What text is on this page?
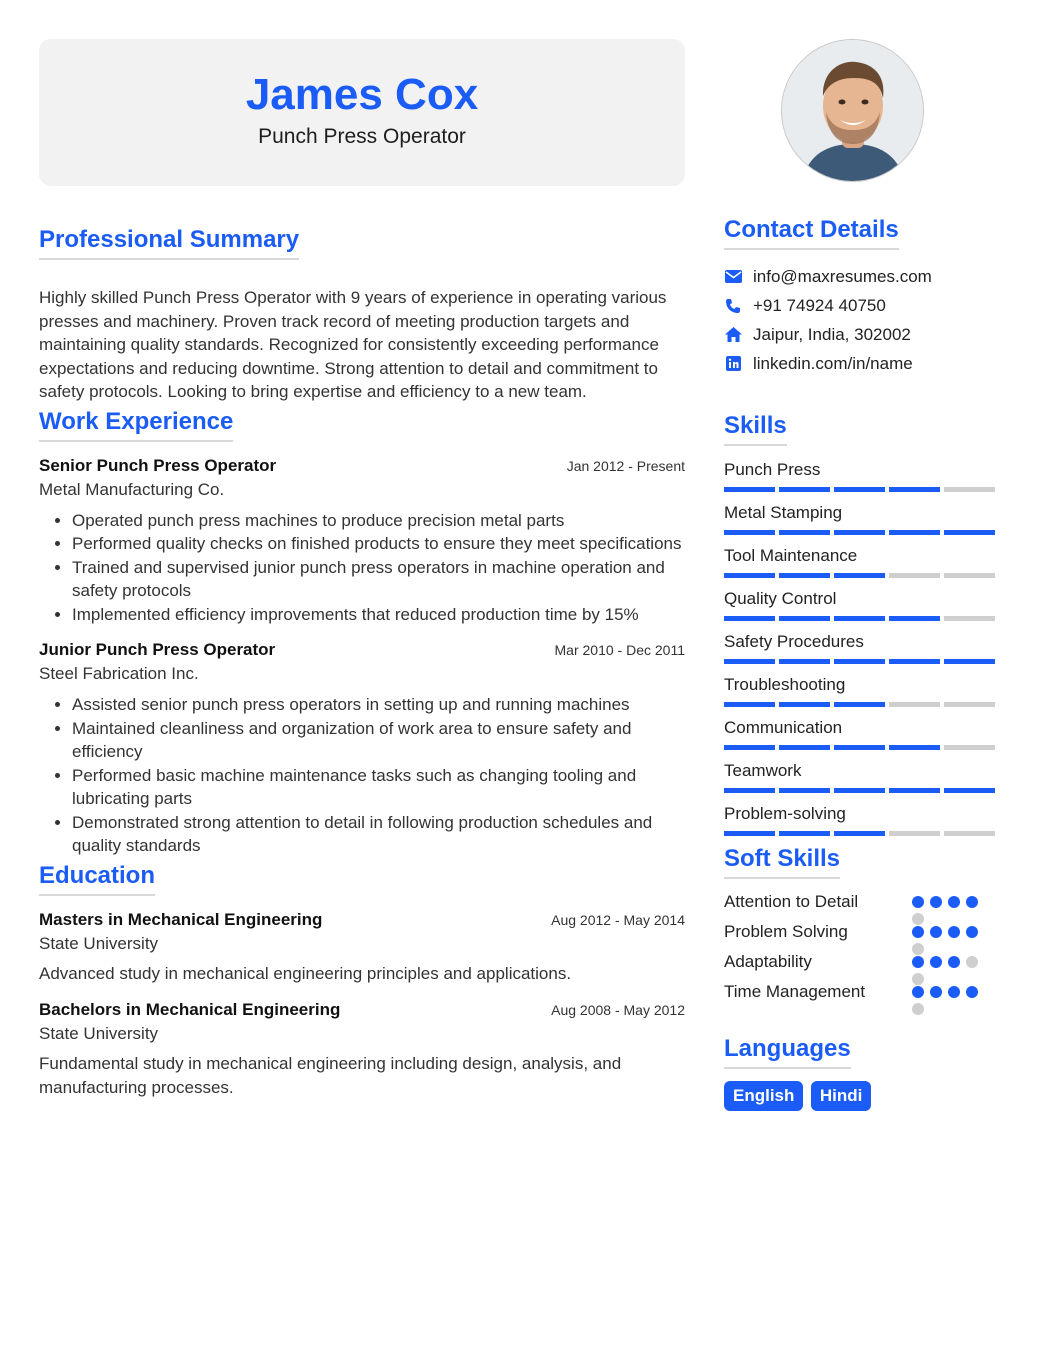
James Cox
Punch Press Operator
Professional Summary
Highly skilled Punch Press Operator with 9 years of experience in operating various presses and machinery. Proven track record of meeting production targets and maintaining quality standards. Recognized for consistently exceeding performance expectations and reducing downtime. Strong attention to detail and commitment to safety protocols. Looking to bring expertise and efficiency to a new team.
Work Experience
Senior Punch Press Operator	Jan 2012 - Present
Metal Manufacturing Co.
• Operated punch press machines to produce precision metal parts
• Performed quality checks on finished products to ensure they meet specifications
• Trained and supervised junior punch press operators in machine operation and safety protocols
• Implemented efficiency improvements that reduced production time by 15%
Junior Punch Press Operator	Mar 2010 - Dec 2011
Steel Fabrication Inc.
• Assisted senior punch press operators in setting up and running machines
• Maintained cleanliness and organization of work area to ensure safety and efficiency
• Performed basic machine maintenance tasks such as changing tooling and lubricating parts
• Demonstrated strong attention to detail in following production schedules and quality standards
Education
Masters in Mechanical Engineering	Aug 2012 - May 2014
State University
Advanced study in mechanical engineering principles and applications.
Bachelors in Mechanical Engineering	Aug 2008 - May 2012
State University
Fundamental study in mechanical engineering including design, analysis, and manufacturing processes.
Contact Details
info@maxresumes.com
+91 74924 40750
Jaipur, India, 302002
linkedin.com/in/name
Skills
Punch Press
Metal Stamping
Tool Maintenance
Quality Control
Safety Procedures
Troubleshooting
Communication
Teamwork
Problem-solving
Soft Skills
Attention to Detail
Problem Solving
Adaptability
Time Management
Languages
English Hindi
